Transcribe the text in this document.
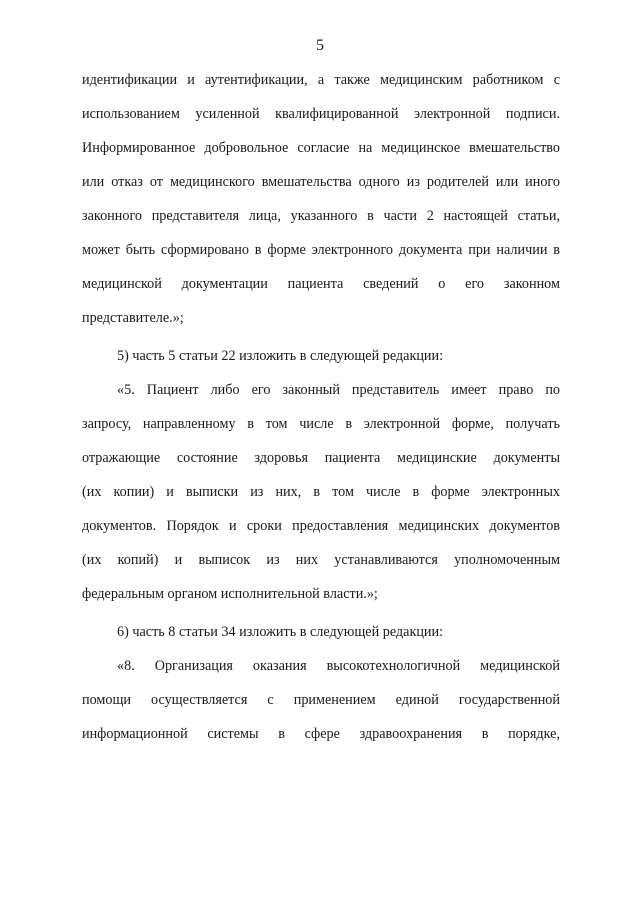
5
идентификации и аутентификации, а также медицинским работником с
использованием усиленной квалифицированной электронной подписи.
Информированное добровольное согласие на медицинское вмешательство
или отказ от медицинского вмешательства одного из родителей или иного
законного представителя лица, указанного в части 2 настоящей статьи,
может быть сформировано в форме электронного документа при наличии в
медицинской документации пациента сведений о его законном
представителе.»;
5) часть 5 статьи 22 изложить в следующей редакции:
«5. Пациент либо его законный представитель имеет право по
запросу, направленному в том числе в электронной форме, получать
отражающие состояние здоровья пациента медицинские документы
(их копии) и выписки из них, в том числе в форме электронных
документов. Порядок и сроки предоставления медицинских документов
(их копий) и выписок из них устанавливаются уполномоченным
федеральным органом исполнительной власти.»;
6) часть 8 статьи 34 изложить в следующей редакции:
«8. Организация оказания высокотехнологичной медицинской
помощи осуществляется с применением единой государственной
информационной системы в сфере здравоохранения в порядке,
